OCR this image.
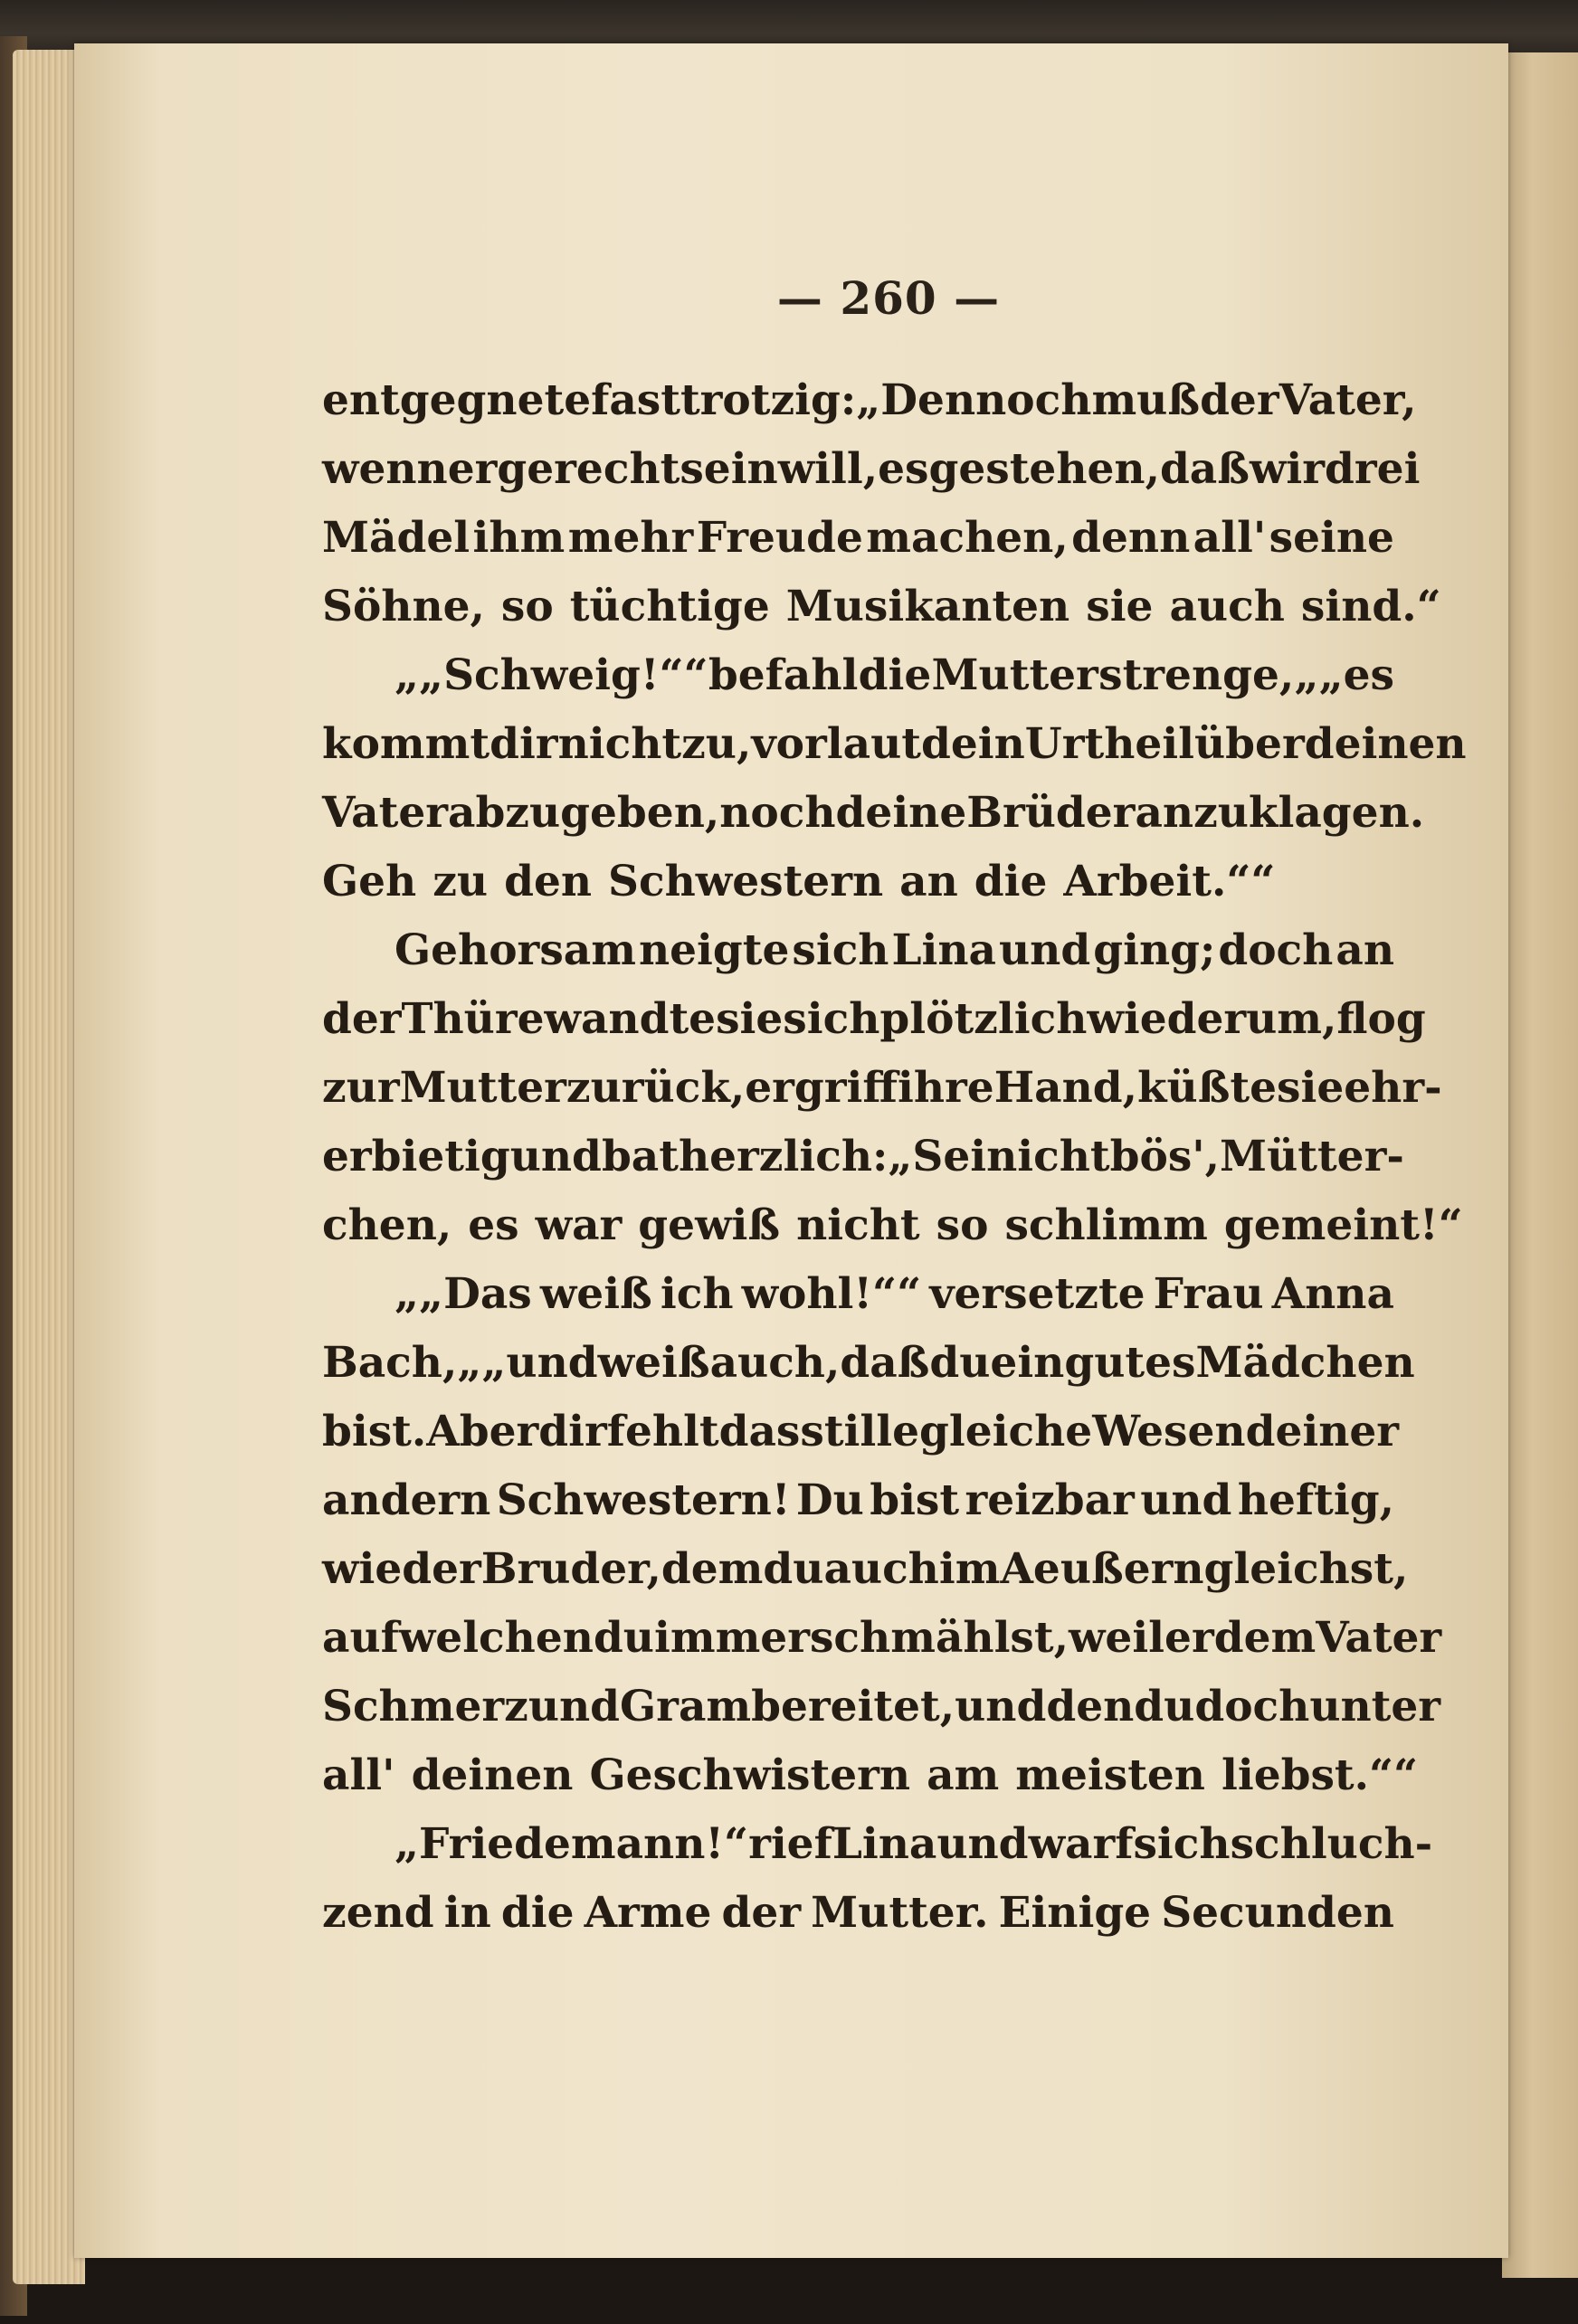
— 260 —
entgegnete fast trotzig: „Dennoch muß der Vater,
wenn er gerecht sein will, es gestehen, daß wir drei
Mädel ihm mehr Freude machen, denn all' seine
Söhne, so tüchtige Musikanten sie auch sind.“
„„Schweig!““ befahl die Mutter strenge, „„es
kommt dir nicht zu, vorlaut dein Urtheil über deinen
Vater abzugeben, noch deine Brüder anzuklagen.
Geh zu den Schwestern an die Arbeit.““
Gehorsam neigte sich Lina und ging; doch an
der Thüre wandte sie sich plötzlich wieder um, flog
zur Mutter zurück, ergriff ihre Hand, küßte sie ehr-
erbietig und bat herzlich: „Sei nicht bös', Mütter-
chen, es war gewiß nicht so schlimm gemeint!“
„„Das weiß ich wohl!““ versetzte Frau Anna
Bach, „„und weiß auch, daß du ein gutes Mädchen
bist. Aber dir fehlt das stille gleiche Wesen deiner
andern Schwestern! Du bist reizbar und heftig,
wie der Bruder, dem du auch im Aeußern gleichst,
auf welchen du immer schmählst, weil er dem Vater
Schmerz und Gram bereitet, und den du doch unter
all' deinen Geschwistern am meisten liebst.““
„Friedemann!“ rief Lina und warf sich schluch-
zend in die Arme der Mutter. Einige Secunden
